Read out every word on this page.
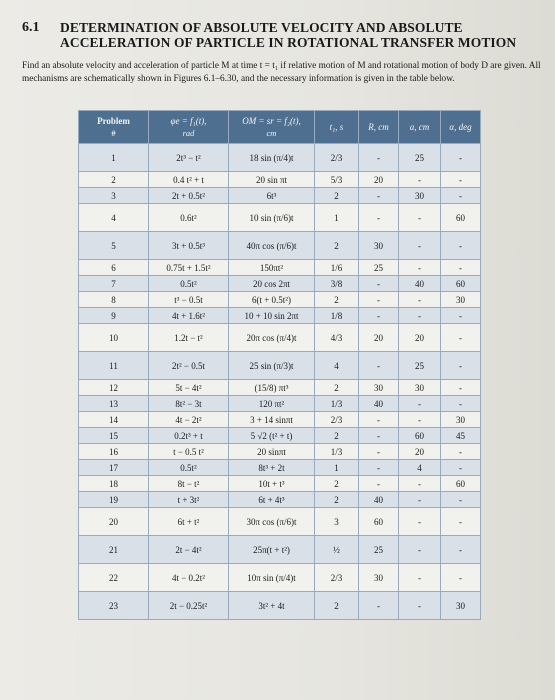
6.1 DETERMINATION OF ABSOLUTE VELOCITY AND ABSOLUTE
ACCELERATION OF PARTICLE IN ROTATIONAL TRANSFER MOTION
Find an absolute velocity and acceleration of particle M at time t = t₁ if relative motion of M and rotational motion of body D are given. All mechanisms are schematically shown in Figures 6.1–6.30, and the necessary information is given in the table below.
Problem
#	φe = f₁(t),
rad	OM = sr = f₂(t),
cm	t₁, s	R, cm	a, cm	α, deg
1	2t³ − t²	18 sin (π/4)t	2/3	-	25	-
2	0.4 t² + t	20 sin πt	5/3	20	-	-
3	2t + 0.5t²	6t³	2	-	30	-
4	0.6t²	10 sin (π/6)t	1	-	-	60
5	3t + 0.5t³	40π cos (π/6)t	2	30	-	-
6	0.75t + 1.5t²	150πt²	1/6	25	-	-
7	0.5t²	20 cos 2πt	3/8	-	40	60
8	t³ − 0.5t	6(t + 0.5t²)	2	-	-	30
9	4t + 1.6t²	10 + 10 sin 2πt	1/8	-	-	-
10	1.2t − t²	20π cos (π/4)t	4/3	20	20	-
11	2t² − 0.5t	25 sin (π/3)t	4	-	25	-
12	5t − 4t²	(15/8) πt³	2	30	30	-
13	8t² − 3t	120 πt²	1/3	40	-	-
14	4t − 2t²	3 + 14 sinπt	2/3	-	-	30
15	0.2t³ + t	5 √2 (t² + t)	2	-	60	45
16	t − 0.5 t²	20 sinπt	1/3	-	20	-
17	0.5t²	8t³ + 2t	1	-	4	-
18	8t − t²	10t + t³	2	-	-	60
19	t + 3t²	6t + 4t³	2	40	-	-
20	6t + t²	30π cos (π/6)t	3	60	-	-
21	2t − 4t²	25π(t + t²)	½	25	-	-
22	4t − 0.2t²	10π sin (π/4)t	2/3	30	-	-
23	2t − 0.25t²	3t² + 4t	2	-	-	30
